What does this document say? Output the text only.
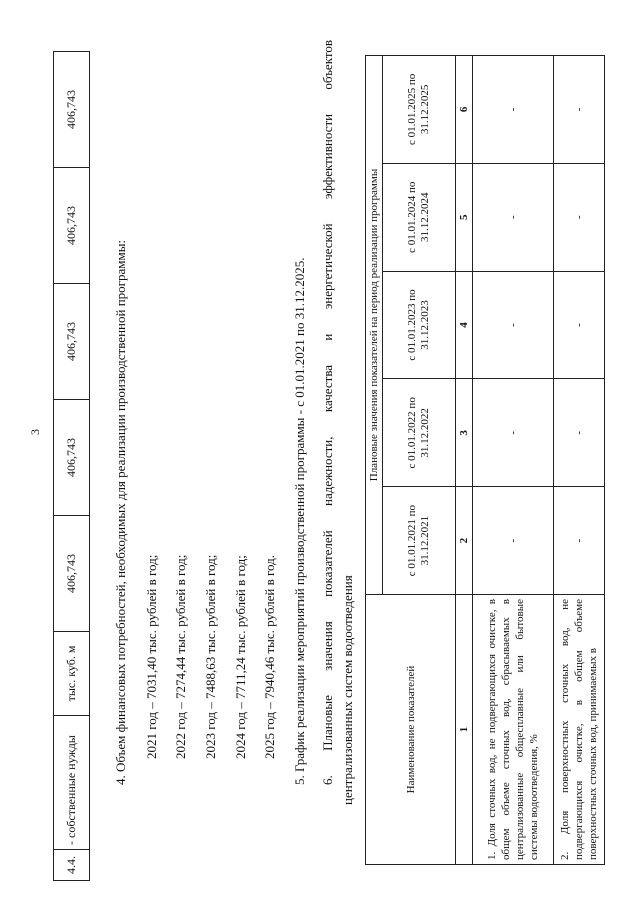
3
4.4.	- собственные нужды	тыс. куб. м	406,743	406,743	406,743	406,743	406,743
4. Объем финансовых потребностей, необходимых для реализации производственной программы: 2021 год – 7031,40 тыс. рублей в год; 2022 год – 7274,44 тыс. рублей в год; 2023 год – 7488,63 тыс. рублей в год; 2024 год – 7711,24 тыс. рублей в год; 2025 год – 7940,46 тыс. рублей в год. 5. График реализации мероприятий производственной программы - с 01.01.2021 по 31.12.2025. 6. Плановые значения показателей надежности, качества и энергетической эффективности объектов централизованных систем водоотведения	Наименование показателей	Плановые значения показателей на период реализации программы				
	с 01.01.2021 по 31.12.2021	с 01.01.2022 по 31.12.2022	с 01.01.2023 по 31.12.2023	с 01.01.2024 по 31.12.2024	с 01.01.2025 по 31.12.2025
1	2	3	4	5	6
1. Доля сточных вод, не подвергающихся очистке, в общем объеме сточных вод, сбрасываемых в централизованные общесплавные или бытовые системы водоотведения, %	-	-	-	-	-
2. Доля поверхностных сточных вод, не подвергающихся очистке, в общем объеме поверхностных сточных вод, принимаемых в	-	-	-	-	-
